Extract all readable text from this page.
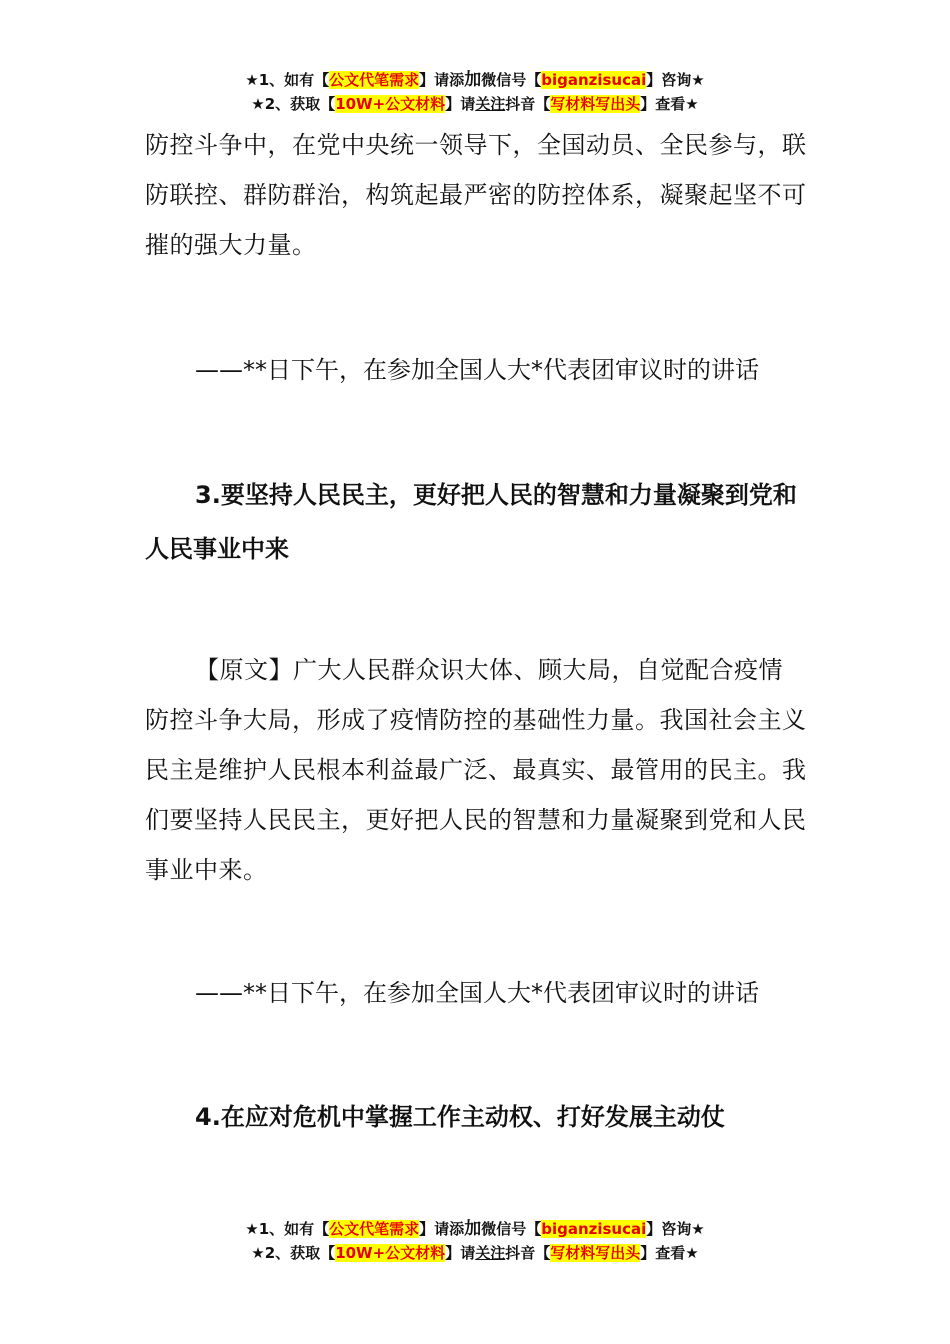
★1、如有【公文代笔需求】请添加微信号【biganzisucai】咨询★
★2、获取【10W+公文材料】请关注抖音【写材料写出头】查看★

防控斗争中，在党中央统一领导下，全国动员、全民参与，联防联控、群防群治，构筑起最严密的防控体系，凝聚起坚不可摧的强大力量。

——**日下午，在参加全国人大*代表团审议时的讲话

3.要坚持人民民主，更好把人民的智慧和力量凝聚到党和人民事业中来

【原文】广大人民群众识大体、顾大局，自觉配合疫情防控斗争大局，形成了疫情防控的基础性力量。我国社会主义民主是维护人民根本利益最广泛、最真实、最管用的民主。我们要坚持人民民主，更好把人民的智慧和力量凝聚到党和人民事业中来。

——**日下午，在参加全国人大*代表团审议时的讲话

4.在应对危机中掌握工作主动权、打好发展主动仗

★1、如有【公文代笔需求】请添加微信号【biganzisucai】咨询★
★2、获取【10W+公文材料】请关注抖音【写材料写出头】查看★
